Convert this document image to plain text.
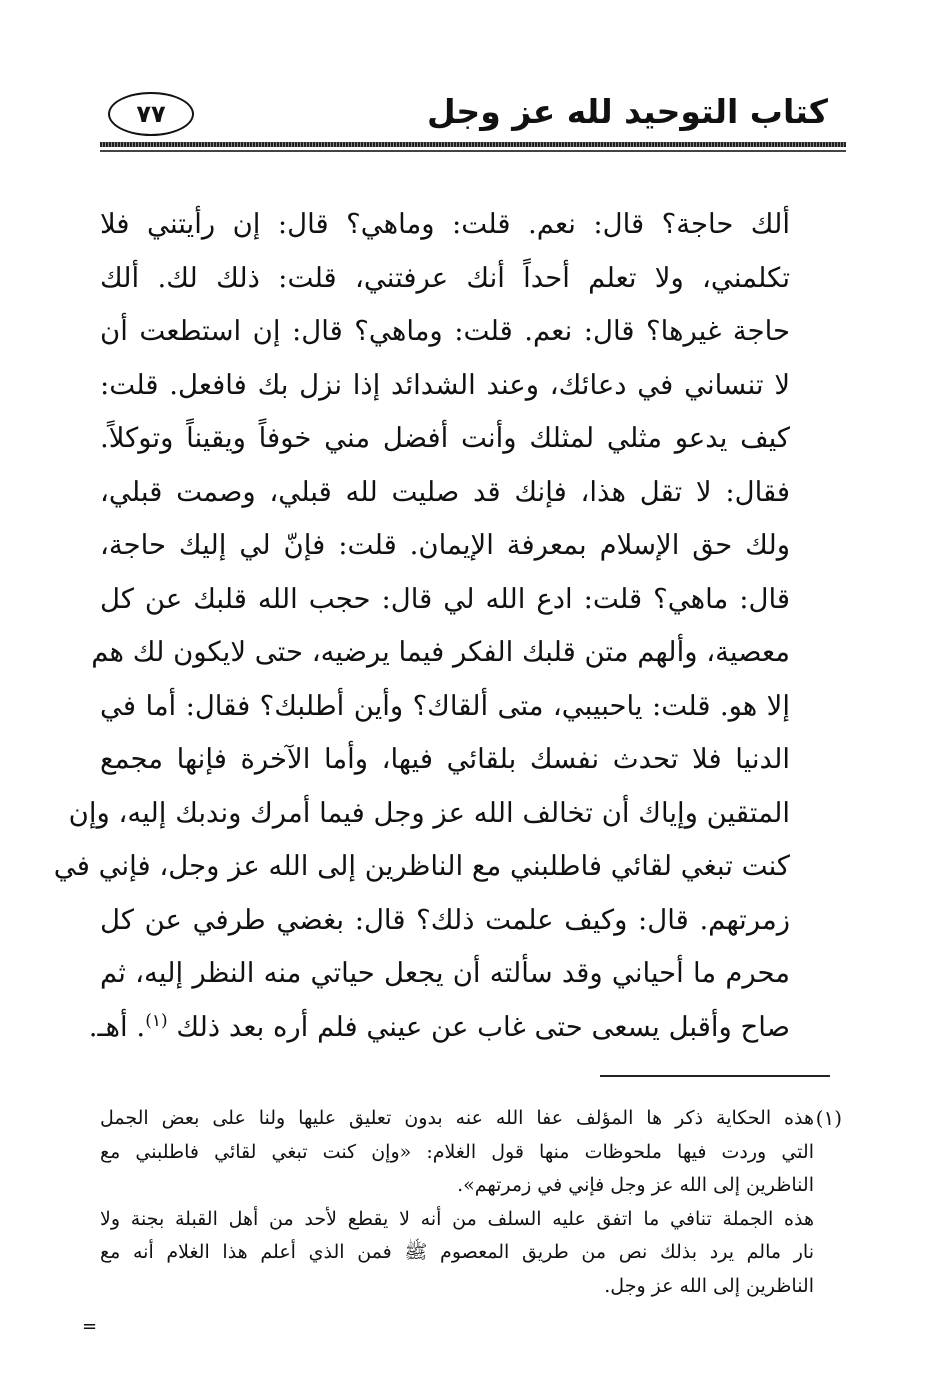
كتاب التوحيد لله عز وجل
٧٧
ألك حاجة؟ قال: نعم. قلت: وماهي؟ قال: إن رأيتني فلا
تكلمني، ولا تعلم أحداً أنك عرفتني، قلت: ذلك لك. ألك
حاجة غيرها؟ قال: نعم. قلت: وماهي؟ قال: إن استطعت أن
لا تنساني في دعائك، وعند الشدائد إذا نزل بك فافعل. قلت:
كيف يدعو مثلي لمثلك وأنت أفضل مني خوفاً ويقيناً وتوكلاً.
فقال: لا تقل هذا، فإنك قد صليت لله قبلي، وصمت قبلي،
ولك حق الإسلام بمعرفة الإيمان. قلت: فإنّ لي إليك حاجة،
قال: ماهي؟ قلت: ادع الله لي قال: حجب الله قلبك عن كل
معصية، وألهم متن قلبك الفكر فيما يرضيه، حتى لايكون لك هم
إلا هو. قلت: ياحبيبي، متى ألقاك؟ وأين أطلبك؟ فقال: أما في
الدنيا فلا تحدث نفسك بلقائي فيها، وأما الآخرة فإنها مجمع
المتقين وإياك أن تخالف الله عز وجل فيما أمرك وندبك إليه، وإن
كنت تبغي لقائي فاطلبني مع الناظرين إلى الله عز وجل، فإني في
زمرتهم. قال: وكيف علمت ذلك؟ قال: بغضي طرفي عن كل
محرم ما أحياني وقد سألته أن يجعل حياتي منه النظر إليه، ثم
صاح وأقبل يسعى حتى غاب عن عيني فلم أره بعد ذلك $^{(١)}$. أهـ.
(١)
هذه الحكاية ذكر ها المؤلف عفا الله عنه بدون تعليق عليها ولنا على بعض الجمل
التي وردت فيها ملحوظات منها قول الغلام: «وإن كنت تبغي لقائي فاطلبني مع
الناظرين إلى الله عز وجل فإني في زمرتهم».
هذه الجملة تنافي ما اتفق عليه السلف من أنه لا يقطع لأحد من أهل القبلة بجنة ولا
نار مالم يرد بذلك نص من طريق المعصوم ﷺ فمن الذي أعلم هذا الغلام أنه مع
الناظرين إلى الله عز وجل.
=
